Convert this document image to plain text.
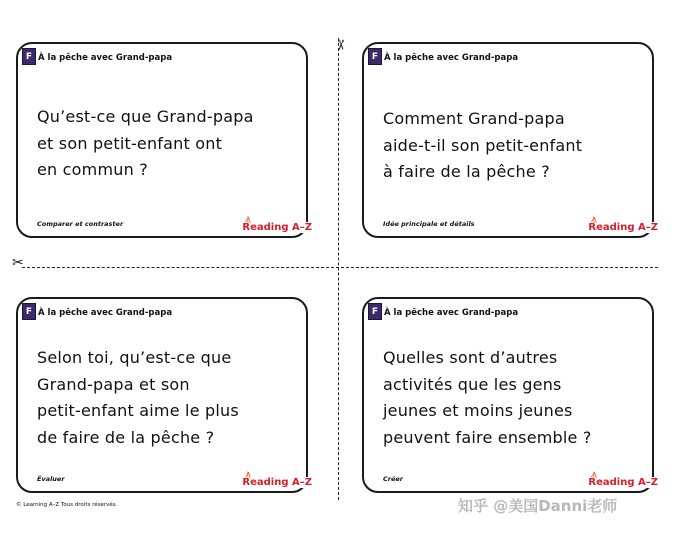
✂
✂
F À la pêche avec Grand-papa
Qu’est-ce que Grand-papa
et son petit-enfant ont
en commun ?
Comparer et contraster	⁄|\
Reading A–Z
F À la pêche avec Grand-papa
Comment Grand-papa
aide-t-il son petit-enfant
à faire de la pêche ?
Idée principale et détails	⁄|\
Reading A–Z
F À la pêche avec Grand-papa
Selon toi, qu’est-ce que
Grand-papa et son
petit-enfant aime le plus
de faire de la pêche ?
Évaluer	⁄|\
Reading A–Z
F À la pêche avec Grand-papa
Quelles sont d’autres
activités que les gens
jeunes et moins jeunes
peuvent faire ensemble ?
Créer	⁄|\
Reading A–Z
© Learning A–Z Tous droits réservés.	知乎 @美国Danni老师
